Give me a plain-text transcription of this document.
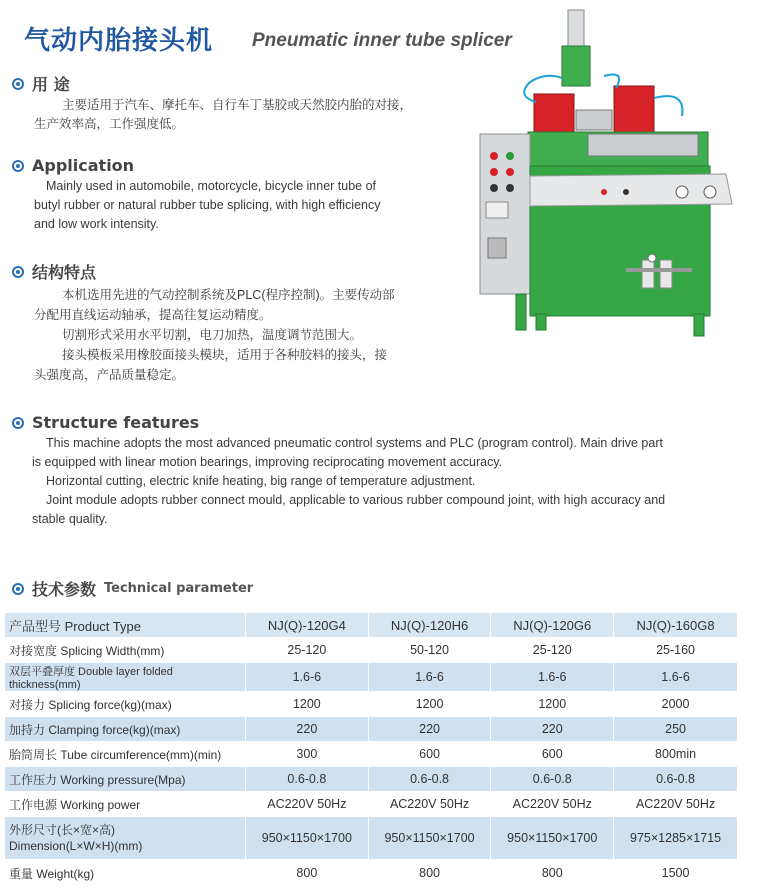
气动内胎接头机 Pneumatic inner tube splicer
用 途

主要适用于汽车、摩托车、自行车丁基胶或天然胶内胎的对接，

生产效率高，工作强度低。

Application

Mainly used in automobile, motorcycle, bicycle inner tube of

butyl rubber or natural rubber tube splicing, with high efficiency

and low work intensity.

结构特点

本机选用先进的气动控制系统及PLC(程序控制)。主要传动部

分配用直线运动轴承，提高往复运动精度。

切割形式采用水平切割，电刀加热，温度调节范围大。

接头模板采用橡胶面接头模块，适用于各种胶料的接头，接

头强度高，产品质量稳定。

Structure features

This machine adopts the most advanced pneumatic control systems and PLC (program control). Main drive part

is equipped with linear motion bearings, improving reciprocating movement accuracy.

Horizontal cutting, electric knife heating, big range of temperature adjustment.

Joint module adopts rubber connect mould, applicable to various rubber compound joint, with high accuracy and

stable quality.

技术参数 Technical parameter
产品型号 Product Type	NJ(Q)-120G4	NJ(Q)-120H6	NJ(Q)-120G6	NJ(Q)-160G8
对接宽度 Splicing Width(mm)	25-120	50-120	25-120	25-160
双层平叠厚度 Double layer folded thickness(mm)	1.6-6	1.6-6	1.6-6	1.6-6
对接力 Splicing force(kg)(max)	1200	1200	1200	2000
加持力 Clamping force(kg)(max)	220	220	220	250
胎筒周长 Tube circumference(mm)(min)	300	600	600	800min
工作压力 Working pressure(Mpa)	0.6-0.8	0.6-0.8	0.6-0.8	0.6-0.8
工作电源 Working power	AC220V 50Hz	AC220V 50Hz	AC220V 50Hz	AC220V 50Hz

外形尺寸(长×宽×高)
Dimension(L×W×H)(mm)	950×1150×1700	950×1150×1700	950×1150×1700	975×1285×1715
重量 Weight(kg)	800	800	800	1500
